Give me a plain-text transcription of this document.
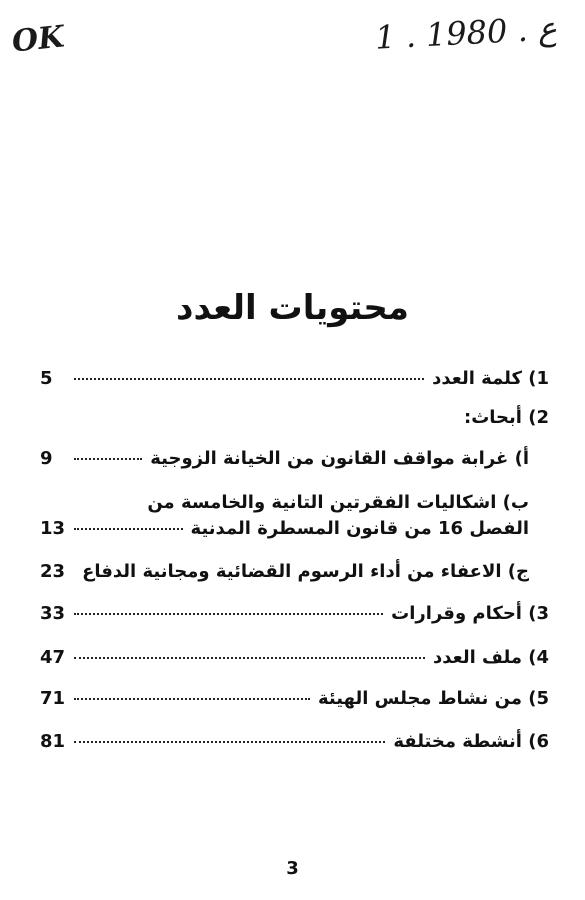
OK	1 . ع . 1980
محتويات العدد
1) كلمة العدد
5
2) أبحاث:
أ) غرابة مواقف القانون من الخيانة الزوجية
9
ب) اشكاليات الفقرتين التانية والخامسة من
الفصل 16 من قانون المسطرة المدنية
13
ج) الاعفاء من أداء الرسوم القضائية ومجانية الدفاع
23
3) أحكام وقرارات
33
4) ملف العدد
47
5) من نشاط مجلس الهيئة
71
6) أنشطة مختلفة
81
3
